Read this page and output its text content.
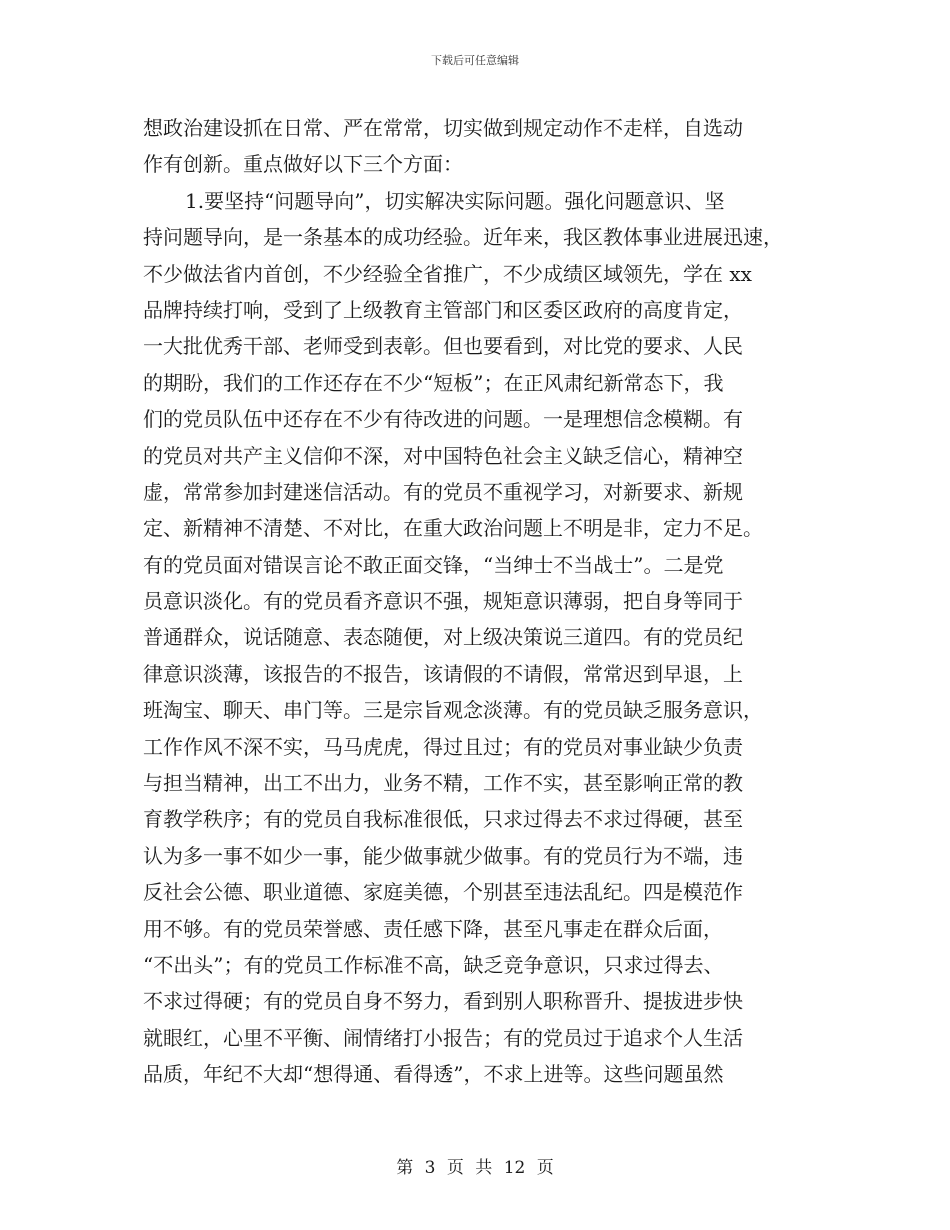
下载后可任意编辑
想政治建设抓在日常、严在常常，切实做到规定动作不走样，自选动
作有创新。重点做好以下三个方面：
1.要坚持“问题导向”，切实解决实际问题。强化问题意识、坚
持问题导向，是一条基本的成功经验。近年来，我区教体事业进展迅速，
不少做法省内首创，不少经验全省推广，不少成绩区域领先，学在 xx
品牌持续打响，受到了上级教育主管部门和区委区政府的高度肯定，
一大批优秀干部、老师受到表彰。但也要看到，对比党的要求、人民
的期盼，我们的工作还存在不少“短板”；在正风肃纪新常态下，我
们的党员队伍中还存在不少有待改进的问题。一是理想信念模糊。有
的党员对共产主义信仰不深，对中国特色社会主义缺乏信心，精神空
虚，常常参加封建迷信活动。有的党员不重视学习，对新要求、新规
定、新精神不清楚、不对比，在重大政治问题上不明是非，定力不足。
有的党员面对错误言论不敢正面交锋，“当绅士不当战士”。二是党
员意识淡化。有的党员看齐意识不强，规矩意识薄弱，把自身等同于
普通群众，说话随意、表态随便，对上级决策说三道四。有的党员纪
律意识淡薄，该报告的不报告，该请假的不请假，常常迟到早退，上
班淘宝、聊天、串门等。三是宗旨观念淡薄。有的党员缺乏服务意识，
工作作风不深不实，马马虎虎，得过且过；有的党员对事业缺少负责
与担当精神，出工不出力，业务不精，工作不实，甚至影响正常的教
育教学秩序；有的党员自我标准很低，只求过得去不求过得硬，甚至
认为多一事不如少一事，能少做事就少做事。有的党员行为不端，违
反社会公德、职业道德、家庭美德，个别甚至违法乱纪。四是模范作
用不够。有的党员荣誉感、责任感下降，甚至凡事走在群众后面，
“不出头”；有的党员工作标准不高，缺乏竞争意识，只求过得去、
不求过得硬；有的党员自身不努力，看到别人职称晋升、提拔进步快
就眼红，心里不平衡、闹情绪打小报告；有的党员过于追求个人生活
品质，年纪不大却“想得通、看得透”，不求上进等。这些问题虽然
第 3 页 共 12 页
